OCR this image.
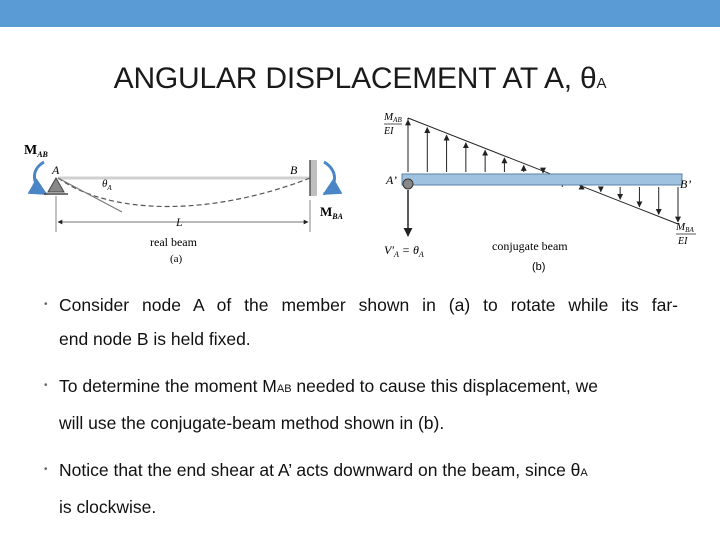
ANGULAR DISPLACEMENT AT A, θA
$M_{AB}$
A
$\theta_A$
B
$M_{BA}$
L
real beam
(a)
MAB
EI
A’	B’
$V'_A = \theta_A$
MBA
EI
conjugate beam
(b)
• Consider node A of the member shown in (a) to rotate while its far-

end node B is held fixed.

• To determine the moment MAB needed to cause this displacement, we

will use the conjugate-beam method shown in (b).

• Notice that the end shear at A’ acts downward on the beam, since θA

is clockwise.
